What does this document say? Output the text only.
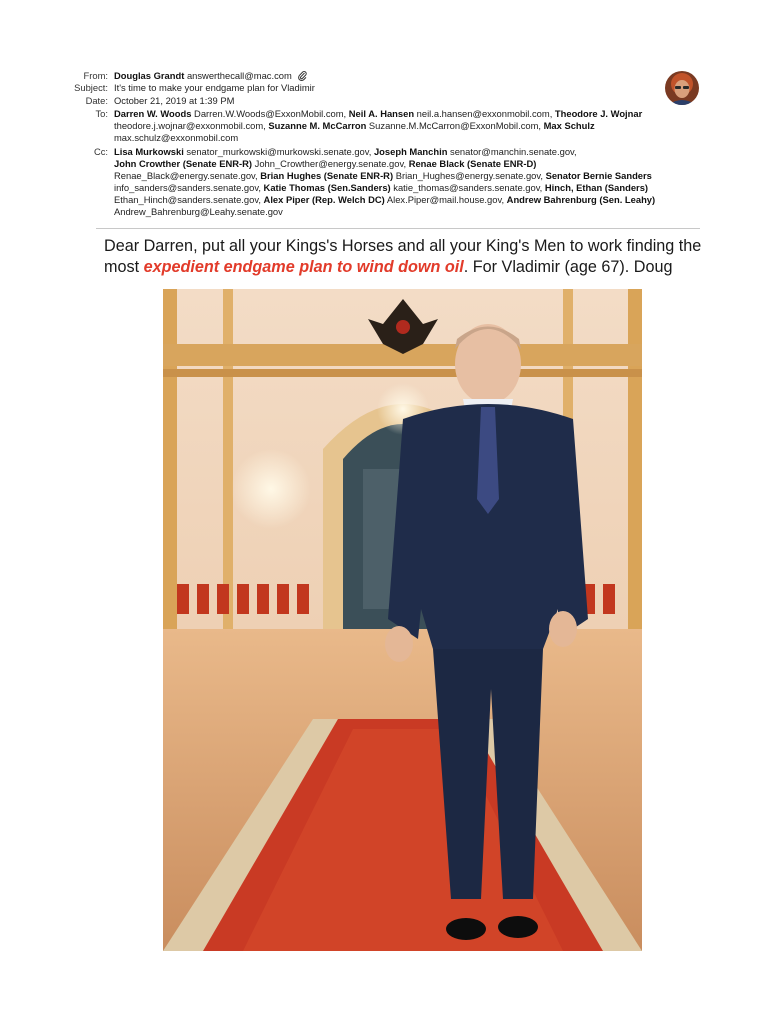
From: Douglas Grandt answerthecall@mac.com
Subject: It's time to make your endgame plan for Vladimir
Date: October 21, 2019 at 1:39 PM
To: Darren W. Woods Darren.W.Woods@ExxonMobil.com, Neil A. Hansen neil.a.hansen@exxonmobil.com, Theodore J. Wojnar
theodore.j.wojnar@exxonmobil.com, Suzanne M. McCarron Suzanne.M.McCarron@ExxonMobil.com, Max Schulz
max.schulz@exxonmobil.com
Cc: Lisa Murkowski senator_murkowski@murkowski.senate.gov, Joseph Manchin senator@manchin.senate.gov,
John Crowther (Senate ENR-R) John_Crowther@energy.senate.gov, Renae Black (Senate ENR-D)
Renae_Black@energy.senate.gov, Brian Hughes (Senate ENR-R) Brian_Hughes@energy.senate.gov, Senator Bernie Sanders
info_sanders@sanders.senate.gov, Katie Thomas (Sen.Sanders) katie_thomas@sanders.senate.gov, Hinch, Ethan (Sanders)
Ethan_Hinch@sanders.senate.gov, Alex Piper (Rep. Welch DC) Alex.Piper@mail.house.gov, Andrew Bahrenburg (Sen. Leahy)
Andrew_Bahrenburg@Leahy.senate.gov
Dear Darren, put all your Kings's Horses and all your King's Men to work finding the
most expedient endgame plan to wind down oil. For Vladimir (age 67). Doug
